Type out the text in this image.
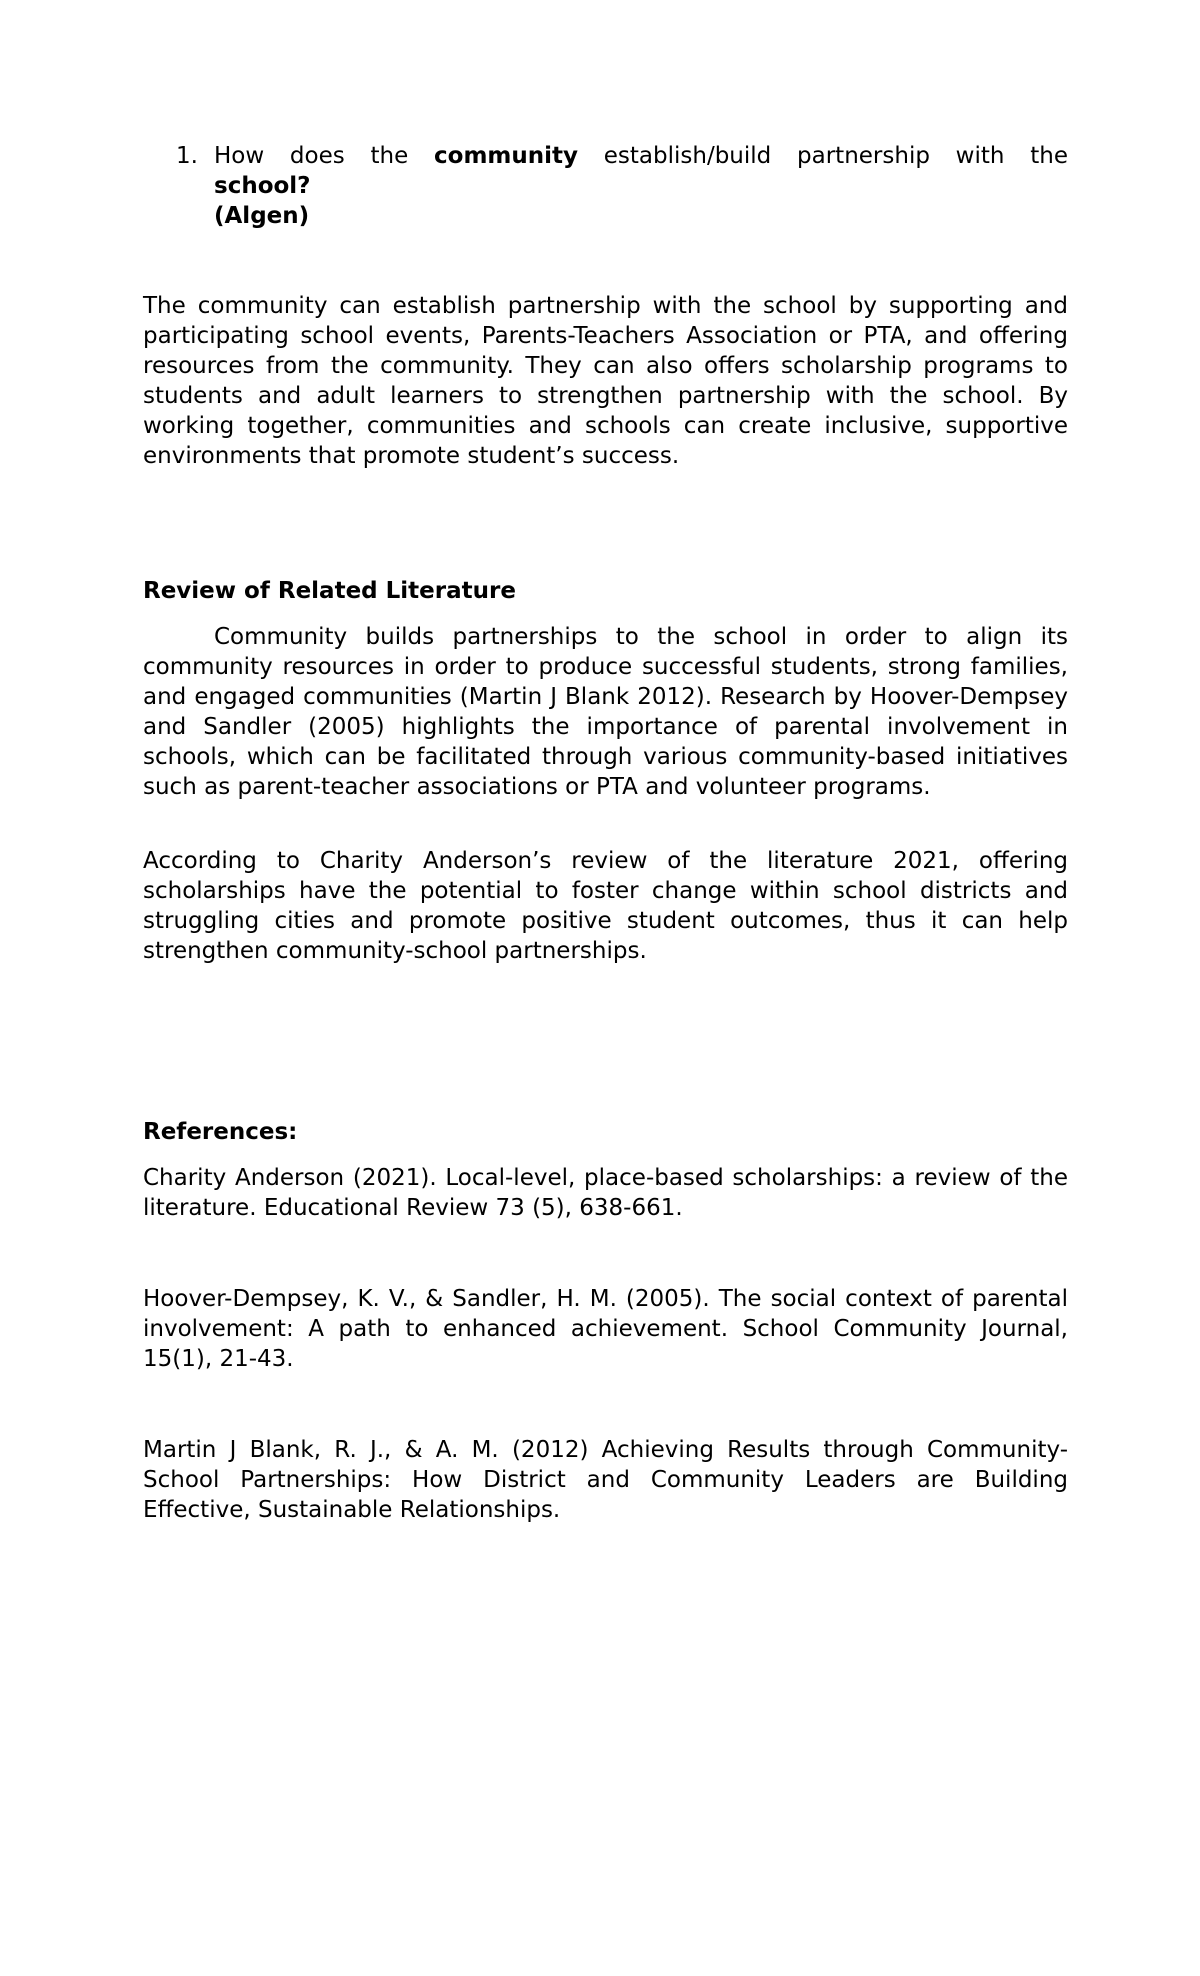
1. How does the community establish/build partnership with the
school?
(Algen)

The community can establish partnership with the school by supporting and participating school events, Parents-Teachers Association or PTA, and offering resources from the community. They can also offers scholarship programs to students and adult learners to strengthen partnership with the school. By working together, communities and schools can create inclusive, supportive environments that promote student’s success.

Review of Related Literature

Community builds partnerships to the school in order to align its community resources in order to produce successful students, strong families, and engaged communities (Martin J Blank 2012). Research by Hoover-Dempsey and Sandler (2005) highlights the importance of parental involvement in schools, which can be facilitated through various community-based initiatives such as parent-teacher associations or PTA and volunteer programs.

According to Charity Anderson’s review of the literature 2021, offering scholarships have the potential to foster change within school districts and struggling cities and promote positive student outcomes, thus it can help strengthen community-school partnerships.

References:

Charity Anderson (2021). Local-level, place-based scholarships: a review of the literature. Educational Review 73 (5), 638-661.

Hoover-Dempsey, K. V., & Sandler, H. M. (2005). The social context of parental involvement: A path to enhanced achievement. School Community Journal, 15(1), 21-43.

Martin J Blank, R. J., & A. M. (2012) Achieving Results through Community-School Partnerships: How District and Community Leaders are Building Effective, Sustainable Relationships.
